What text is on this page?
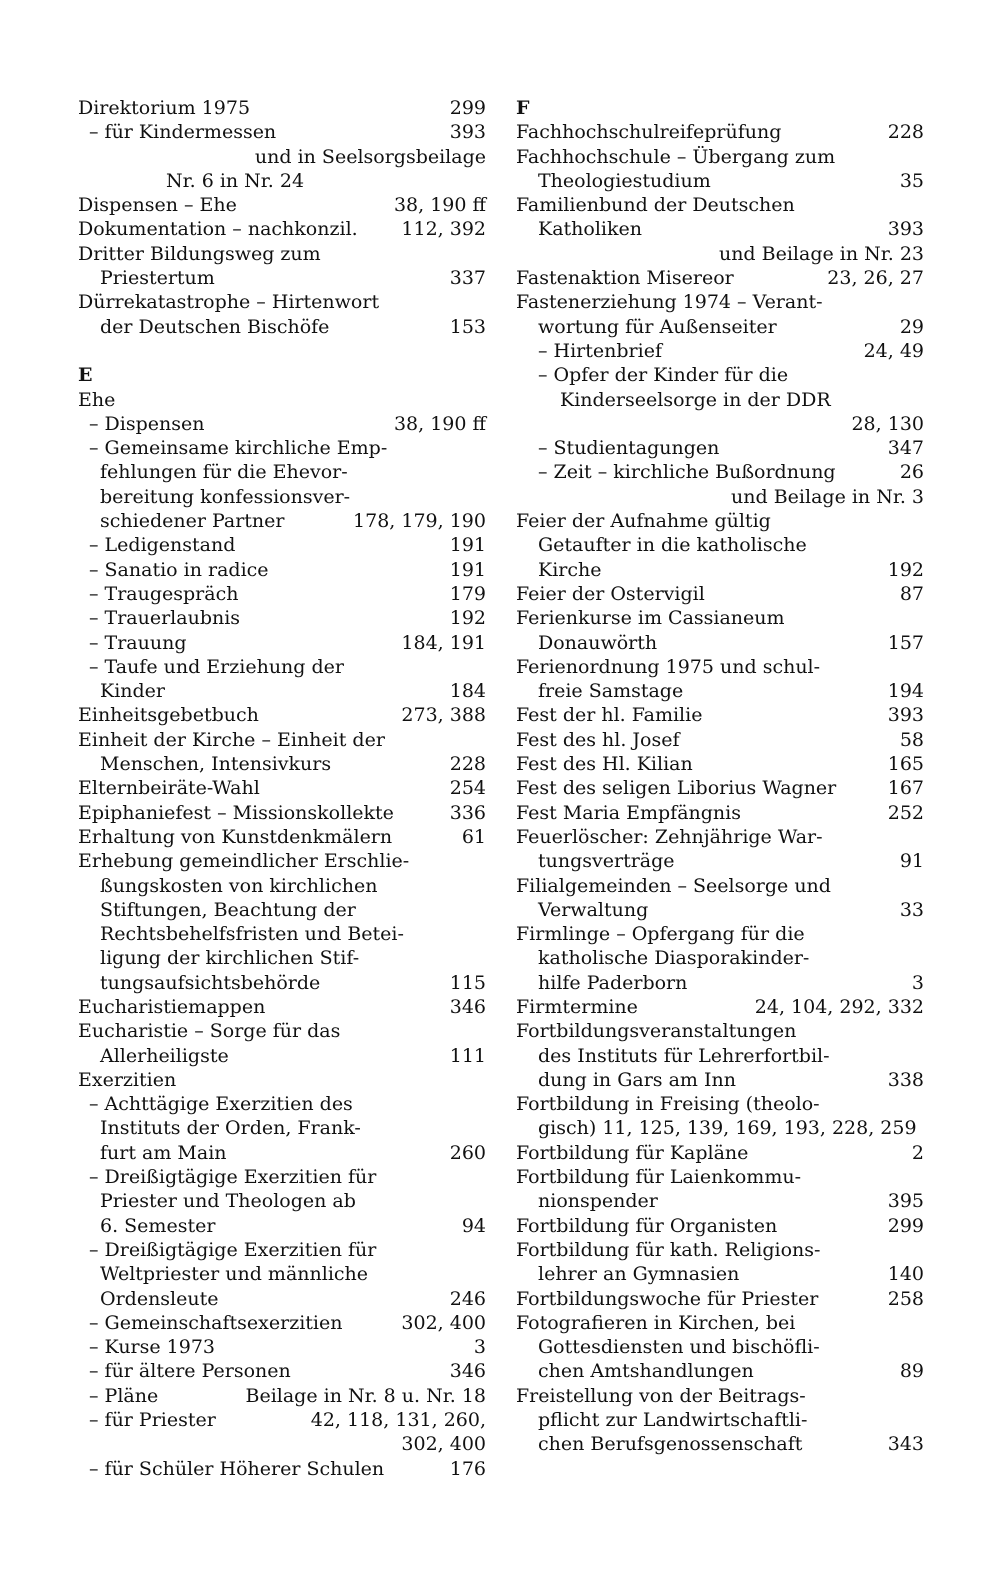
Direktorium 1975	299
– für Kindermessen	393
und in Seelsorgsbeilage
Nr. 6 in Nr. 24
Dispensen – Ehe	38, 190 ff
Dokumentation – nachkonzil. 112, 392
Dritter Bildungsweg zum
Priestertum	337
Dürrekatastrophe – Hirtenwort
der Deutschen Bischöfe	153
E
Ehe
– Dispensen	38, 190 ff
– Gemeinsame kirchliche Emp-
fehlungen für die Ehevor-
bereitung konfessionsver-
schiedener Partner	178, 179, 190
– Ledigenstand	191
– Sanatio in radice	191
– Traugespräch	179
– Trauerlaubnis	192
– Trauung	184, 191
– Taufe und Erziehung der
Kinder	184
Einheitsgebetbuch	273, 388
Einheit der Kirche – Einheit der
Menschen, Intensivkurs	228
Elternbeiräte-Wahl	254
Epiphaniefest – Missionskollekte	336
Erhaltung von Kunstdenkmälern	61
Erhebung gemeindlicher Erschlie-
ßungskosten von kirchlichen
Stiftungen, Beachtung der
Rechtsbehelfsfristen und Betei-
ligung der kirchlichen Stif-
tungsaufsichtsbehörde	115
Eucharistiemappen	346
Eucharistie – Sorge für das
Allerheiligste	111
Exerzitien
– Achttägige Exerzitien des
Instituts der Orden, Frank-
furt am Main	260
– Dreißigtägige Exerzitien für
Priester und Theologen ab
6. Semester	94
– Dreißigtägige Exerzitien für
Weltpriester und männliche
Ordensleute	246
– Gemeinschaftsexerzitien	302, 400
– Kurse 1973	3
– für ältere Personen	346
– Pläne	Beilage in Nr. 8 u. Nr. 18
– für Priester	42, 118, 131, 260,
302, 400
– für Schüler Höherer Schulen	176
F
Fachhochschulreifeprüfung	228
Fachhochschule – Übergang zum
Theologiestudium	35
Familienbund der Deutschen
Katholiken	393
und Beilage in Nr. 23
Fastenaktion Misereor	23, 26, 27
Fastenerziehung 1974 – Verant-
wortung für Außenseiter	29
– Hirtenbrief	24, 49
– Opfer der Kinder für die
Kinderseelsorge in der DDR
28, 130
– Studientagungen	347
– Zeit – kirchliche Bußordnung	26
und Beilage in Nr. 3
Feier der Aufnahme gültig
Getaufter in die katholische
Kirche	192
Feier der Ostervigil	87
Ferienkurse im Cassianeum
Donauwörth	157
Ferienordnung 1975 und schul-
freie Samstage	194
Fest der hl. Familie	393
Fest des hl. Josef	58
Fest des Hl. Kilian	165
Fest des seligen Liborius Wagner	167
Fest Maria Empfängnis	252
Feuerlöscher: Zehnjährige War-
tungsverträge	91
Filialgemeinden – Seelsorge und
Verwaltung	33
Firmlinge – Opfergang für die
katholische Diasporakinder-
hilfe Paderborn	3
Firmtermine	24, 104, 292, 332
Fortbildungsveranstaltungen
des Instituts für Lehrerfortbil-
dung in Gars am Inn	338
Fortbildung in Freising (theolo-
gisch) 11, 125, 139, 169, 193, 228, 259
Fortbildung für Kapläne	2
Fortbildung für Laienkommu-
nionspender	395
Fortbildung für Organisten	299
Fortbildung für kath. Religions-
lehrer an Gymnasien	140
Fortbildungswoche für Priester	258
Fotografieren in Kirchen, bei
Gottesdiensten und bischöfli-
chen Amtshandlungen	89
Freistellung von der Beitrags-
pflicht zur Landwirtschaftli-
chen Berufsgenossenschaft	343
